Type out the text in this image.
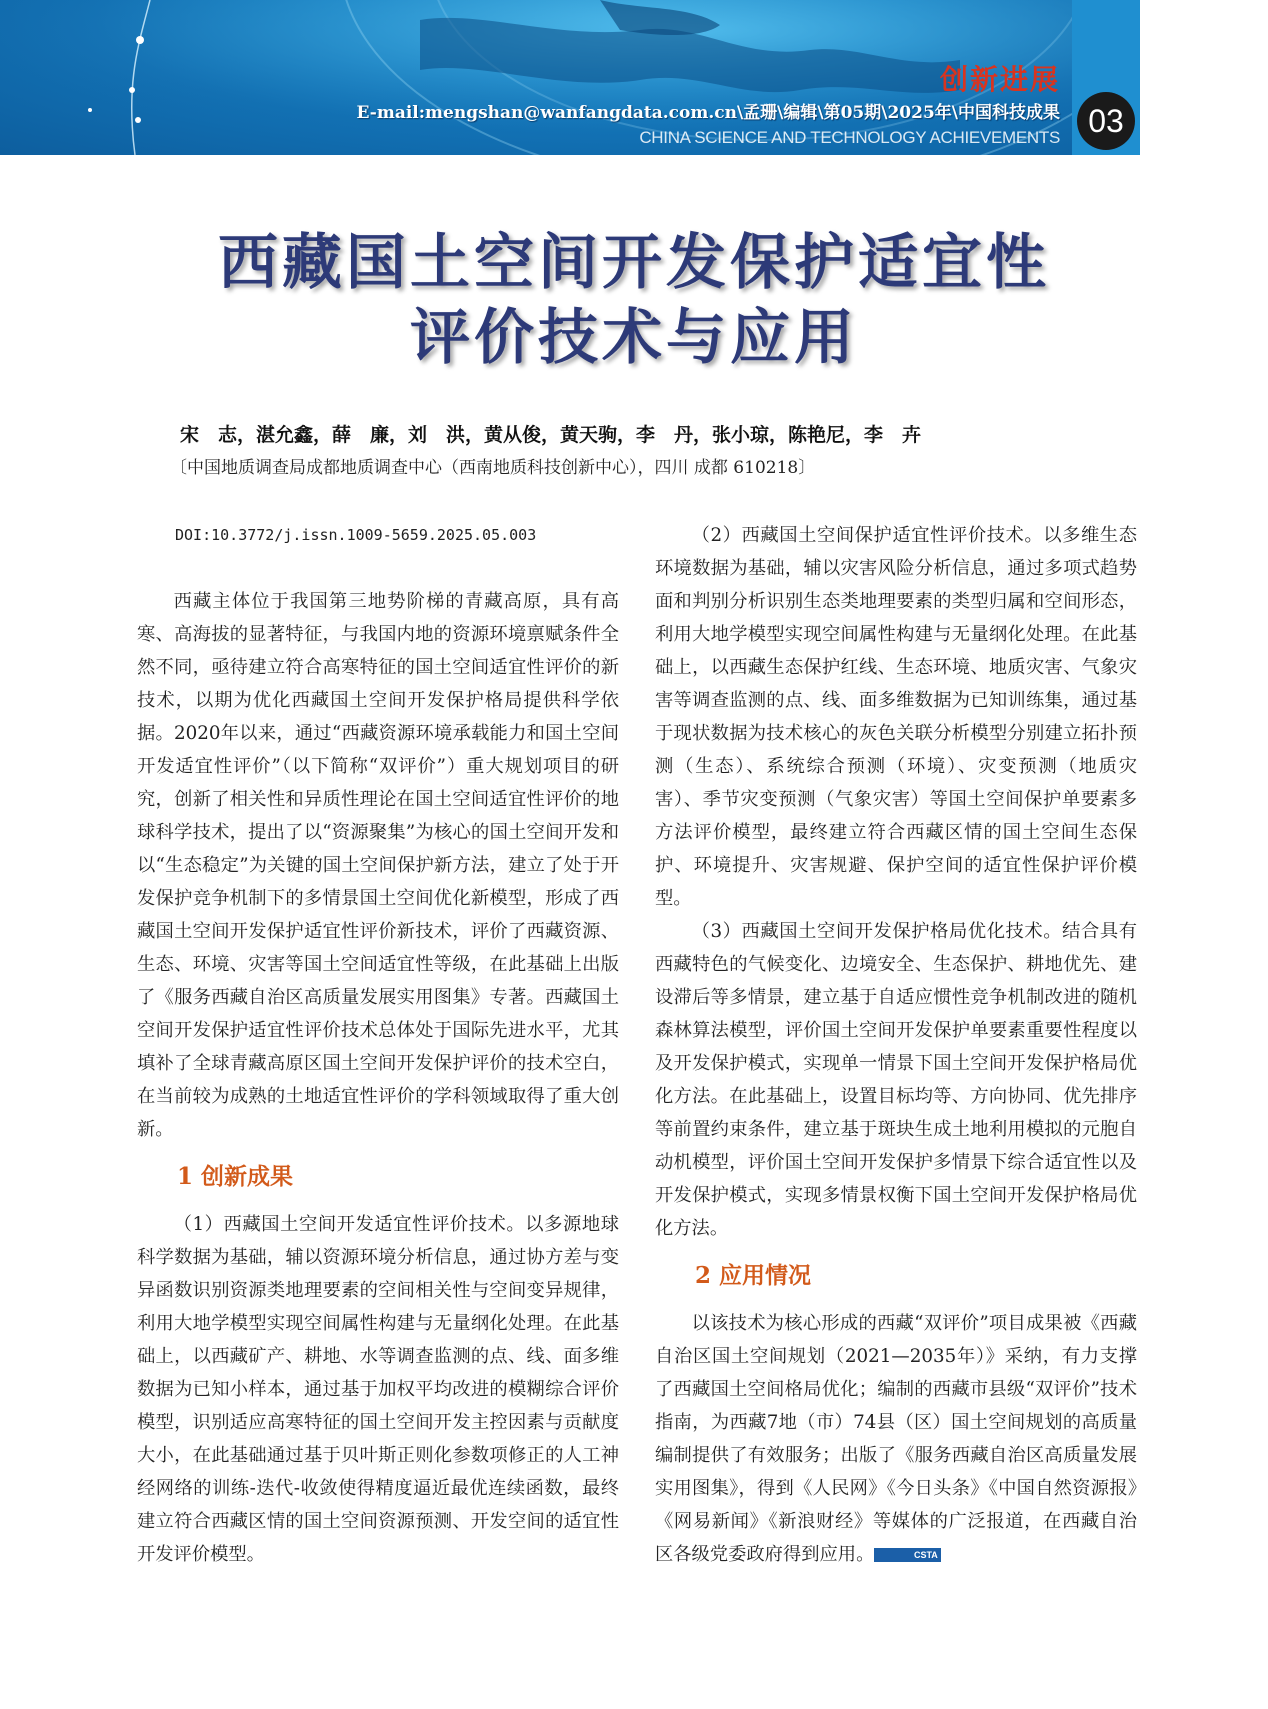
创新进展
E-mail:mengshan@wanfangdata.com.cn\孟珊\编辑\第05期\2025年\中国科技成果
CHINA SCIENCE AND TECHNOLOGY ACHIEVEMENTS 03
西藏国土空间开发保护适宜性
评价技术与应用
宋　志，湛允鑫，薛　廉，刘　洪，黄从俊，黄天驹，李　丹，张小琼，陈艳尼，李　卉
〔中国地质调查局成都地质调查中心（西南地质科技创新中心），四川 成都 610218〕
DOI:10.3772/j.issn.1009-5659.2025.05.003

西藏主体位于我国第三地势阶梯的青藏高原，具有高寒、高海拔的显著特征，与我国内地的资源环境禀赋条件全然不同，亟待建立符合高寒特征的国土空间适宜性评价的新技术，以期为优化西藏国土空间开发保护格局提供科学依据。2020年以来，通过“西藏资源环境承载能力和国土空间开发适宜性评价”（以下简称“双评价”）重大规划项目的研究，创新了相关性和异质性理论在国土空间适宜性评价的地球科学技术，提出了以“资源聚集”为核心的国土空间开发和以“生态稳定”为关键的国土空间保护新方法，建立了处于开发保护竞争机制下的多情景国土空间优化新模型，形成了西藏国土空间开发保护适宜性评价新技术，评价了西藏资源、生态、环境、灾害等国土空间适宜性等级，在此基础上出版了《服务西藏自治区高质量发展实用图集》专著。西藏国土空间开发保护适宜性评价技术总体处于国际先进水平，尤其填补了全球青藏高原区国土空间开发保护评价的技术空白，在当前较为成熟的土地适宜性评价的学科领域取得了重大创新。

1 创新成果

（1）西藏国土空间开发适宜性评价技术。以多源地球科学数据为基础，辅以资源环境分析信息，通过协方差与变异函数识别资源类地理要素的空间相关性与空间变异规律，利用大地学模型实现空间属性构建与无量纲化处理。在此基础上，以西藏矿产、耕地、水等调查监测的点、线、面多维数据为已知小样本，通过基于加权平均改进的模糊综合评价模型，识别适应高寒特征的国土空间开发主控因素与贡献度大小，在此基础通过基于贝叶斯正则化参数项修正的人工神经网络的训练-迭代-收敛使得精度逼近最优连续函数，最终建立符合西藏区情的国土空间资源预测、开发空间的适宜性开发评价模型。

（2）西藏国土空间保护适宜性评价技术。以多维生态环境数据为基础，辅以灾害风险分析信息，通过多项式趋势面和判别分析识别生态类地理要素的类型归属和空间形态，利用大地学模型实现空间属性构建与无量纲化处理。在此基础上，以西藏生态保护红线、生态环境、地质灾害、气象灾害等调查监测的点、线、面多维数据为已知训练集，通过基于现状数据为技术核心的灰色关联分析模型分别建立拓扑预测（生态）、系统综合预测（环境）、灾变预测（地质灾害）、季节灾变预测（气象灾害）等国土空间保护单要素多方法评价模型，最终建立符合西藏区情的国土空间生态保护、环境提升、灾害规避、保护空间的适宜性保护评价模型。

（3）西藏国土空间开发保护格局优化技术。结合具有西藏特色的气候变化、边境安全、生态保护、耕地优先、建设滞后等多情景，建立基于自适应惯性竞争机制改进的随机森林算法模型，评价国土空间开发保护单要素重要性程度以及开发保护模式，实现单一情景下国土空间开发保护格局优化方法。在此基础上，设置目标均等、方向协同、优先排序等前置约束条件，建立基于斑块生成土地利用模拟的元胞自动机模型，评价国土空间开发保护多情景下综合适宜性以及开发保护模式，实现多情景权衡下国土空间开发保护格局优化方法。

2 应用情况

以该技术为核心形成的西藏“双评价”项目成果被《西藏自治区国土空间规划（2021—2035年）》采纳，有力支撑了西藏国土空间格局优化；编制的西藏市县级“双评价”技术指南，为西藏7地（市）74县（区）国土空间规划的高质量编制提供了有效服务；出版了《服务西藏自治区高质量发展实用图集》，得到《人民网》《今日头条》《中国自然资源报》《网易新闻》《新浪财经》等媒体的广泛报道，在西藏自治区各级党委政府得到应用。	CSTA
